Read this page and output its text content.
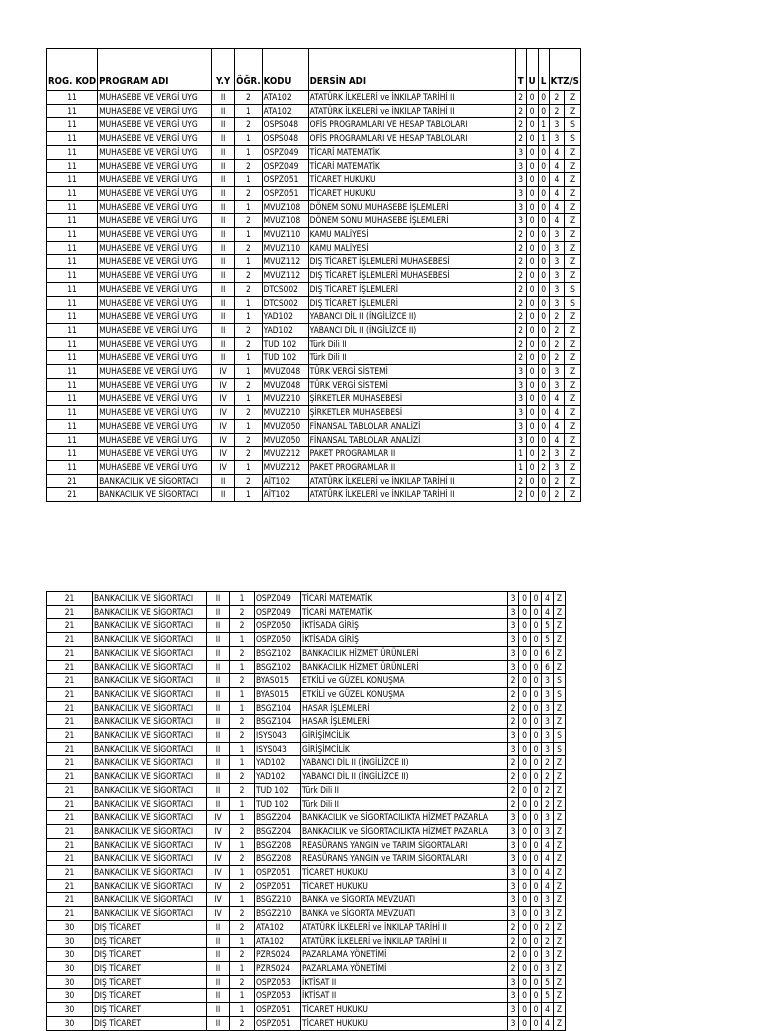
ROG. KOD	PROGRAM ADI	Y.Y	ÖĞR.	KODU	DERSİN ADI	T	U	L	KTZ/S	
11	MUHASEBE VE VERGİ UYG	II	2	ATA102	ATATÜRK İLKELERİ ve İNKILAP TARİHİ II	2	0	0	2	Z
11	MUHASEBE VE VERGİ UYG	II	1	ATA102	ATATÜRK İLKELERİ ve İNKILAP TARİHİ II	2	0	0	2	Z
11	MUHASEBE VE VERGİ UYG	II	2	OSPS048	OFİS PROGRAMLARI VE HESAP TABLOLARI	2	0	1	3	S
11	MUHASEBE VE VERGİ UYG	II	1	OSPS048	OFİS PROGRAMLARI VE HESAP TABLOLARI	2	0	1	3	S
11	MUHASEBE VE VERGİ UYG	II	1	OSPZ049	TİCARİ MATEMATİK	3	0	0	4	Z
11	MUHASEBE VE VERGİ UYG	II	2	OSPZ049	TİCARİ MATEMATİK	3	0	0	4	Z
11	MUHASEBE VE VERGİ UYG	II	1	OSPZ051	TİCARET HUKUKU	3	0	0	4	Z
11	MUHASEBE VE VERGİ UYG	II	2	OSPZ051	TİCARET HUKUKU	3	0	0	4	Z
11	MUHASEBE VE VERGİ UYG	II	1	MVUZ108	DÖNEM SONU MUHASEBE İŞLEMLERİ	3	0	0	4	Z
11	MUHASEBE VE VERGİ UYG	II	2	MVUZ108	DÖNEM SONU MUHASEBE İŞLEMLERİ	3	0	0	4	Z
11	MUHASEBE VE VERGİ UYG	II	1	MVUZ110	KAMU MALİYESİ	2	0	0	3	Z
11	MUHASEBE VE VERGİ UYG	II	2	MVUZ110	KAMU MALİYESİ	2	0	0	3	Z
11	MUHASEBE VE VERGİ UYG	II	1	MVUZ112	DIŞ TİCARET İŞLEMLERİ MUHASEBESİ	2	0	0	3	Z
11	MUHASEBE VE VERGİ UYG	II	2	MVUZ112	DIŞ TİCARET İŞLEMLERİ MUHASEBESİ	2	0	0	3	Z
11	MUHASEBE VE VERGİ UYG	II	2	DTCS002	DIŞ TİCARET İŞLEMLERİ	2	0	0	3	S
11	MUHASEBE VE VERGİ UYG	II	1	DTCS002	DIŞ TİCARET İŞLEMLERİ	2	0	0	3	S
11	MUHASEBE VE VERGİ UYG	II	1	YAD102	YABANCI DİL II (İNGİLİZCE II)	2	0	0	2	Z
11	MUHASEBE VE VERGİ UYG	II	2	YAD102	YABANCI DİL II (İNGİLİZCE II)	2	0	0	2	Z
11	MUHASEBE VE VERGİ UYG	II	2	TUD 102	Türk Dili II	2	0	0	2	Z
11	MUHASEBE VE VERGİ UYG	II	1	TUD 102	Türk Dili II	2	0	0	2	Z
11	MUHASEBE VE VERGİ UYG	IV	1	MVUZ048	TÜRK VERGİ SİSTEMİ	3	0	0	3	Z
11	MUHASEBE VE VERGİ UYG	IV	2	MVUZ048	TÜRK VERGİ SİSTEMİ	3	0	0	3	Z
11	MUHASEBE VE VERGİ UYG	IV	1	MVUZ210	ŞİRKETLER MUHASEBESİ	3	0	0	4	Z
11	MUHASEBE VE VERGİ UYG	IV	2	MVUZ210	ŞİRKETLER MUHASEBESİ	3	0	0	4	Z
11	MUHASEBE VE VERGİ UYG	IV	1	MVUZ050	FİNANSAL TABLOLAR ANALİZİ	3	0	0	4	Z
11	MUHASEBE VE VERGİ UYG	IV	2	MVUZ050	FİNANSAL TABLOLAR ANALİZİ	3	0	0	4	Z
11	MUHASEBE VE VERGİ UYG	IV	2	MVUZ212	PAKET PROGRAMLAR II	1	0	2	3	Z
11	MUHASEBE VE VERGİ UYG	IV	1	MVUZ212	PAKET PROGRAMLAR II	1	0	2	3	Z
21	BANKACILIK VE SİGORTACI	II	2	AİT102	ATATÜRK İLKELERİ ve İNKILAP TARİHİ II	2	0	0	2	Z
21	BANKACILIK VE SİGORTACI	II	1	AİT102	ATATÜRK İLKELERİ ve İNKILAP TARİHİ II	2	0	0	2	Z
21	BANKACILIK VE SİGORTACI	II	1	OSPZ049	TİCARİ MATEMATİK	3	0	0	4	Z
21	BANKACILIK VE SİGORTACI	II	2	OSPZ049	TİCARİ MATEMATİK	3	0	0	4	Z
21	BANKACILIK VE SİGORTACI	II	2	OSPZ050	İKTİSADA GİRİŞ	3	0	0	5	Z
21	BANKACILIK VE SİGORTACI	II	1	OSPZ050	İKTİSADA GİRİŞ	3	0	0	5	Z
21	BANKACILIK VE SİGORTACI	II	2	BSGZ102	BANKACILIK HİZMET ÜRÜNLERİ	3	0	0	6	Z
21	BANKACILIK VE SİGORTACI	II	1	BSGZ102	BANKACILIK HİZMET ÜRÜNLERİ	3	0	0	6	Z
21	BANKACILIK VE SİGORTACI	II	2	BYAS015	ETKİLİ ve GÜZEL KONUŞMA	2	0	0	3	S
21	BANKACILIK VE SİGORTACI	II	1	BYAS015	ETKİLİ ve GÜZEL KONUŞMA	2	0	0	3	S
21	BANKACILIK VE SİGORTACI	II	1	BSGZ104	HASAR İŞLEMLERİ	2	0	0	3	Z
21	BANKACILIK VE SİGORTACI	II	2	BSGZ104	HASAR İŞLEMLERİ	2	0	0	3	Z
21	BANKACILIK VE SİGORTACI	II	2	ISYS043	GİRİŞİMCİLİK	3	0	0	3	S
21	BANKACILIK VE SİGORTACI	II	1	ISYS043	GİRİŞİMCİLİK	3	0	0	3	S
21	BANKACILIK VE SİGORTACI	II	1	YAD102	YABANCI DİL II (İNGİLİZCE II)	2	0	0	2	Z
21	BANKACILIK VE SİGORTACI	II	2	YAD102	YABANCI DİL II (İNGİLİZCE II)	2	0	0	2	Z
21	BANKACILIK VE SİGORTACI	II	2	TUD 102	Türk Dili II	2	0	0	2	Z
21	BANKACILIK VE SİGORTACI	II	1	TUD 102	Türk Dili II	2	0	0	2	Z
21	BANKACILIK VE SİGORTACI	IV	1	BSGZ204	BANKACILIK ve SİGORTACILIKTA HİZMET PAZARLA	3	0	0	3	Z
21	BANKACILIK VE SİGORTACI	IV	2	BSGZ204	BANKACILIK ve SİGORTACILIKTA HİZMET PAZARLA	3	0	0	3	Z
21	BANKACILIK VE SİGORTACI	IV	1	BSGZ208	REASÜRANS YANGIN ve TARIM SİGORTALARI	3	0	0	4	Z
21	BANKACILIK VE SİGORTACI	IV	2	BSGZ208	REASÜRANS YANGIN ve TARIM SİGORTALARI	3	0	0	4	Z
21	BANKACILIK VE SİGORTACI	IV	1	OSPZ051	TİCARET HUKUKU	3	0	0	4	Z
21	BANKACILIK VE SİGORTACI	IV	2	OSPZ051	TİCARET HUKUKU	3	0	0	4	Z
21	BANKACILIK VE SİGORTACI	IV	1	BSGZ210	BANKA ve SİGORTA MEVZUATI	3	0	0	3	Z
21	BANKACILIK VE SİGORTACI	IV	2	BSGZ210	BANKA ve SİGORTA MEVZUATI	3	0	0	3	Z
30	DIŞ TİCARET	II	2	ATA102	ATATÜRK İLKELERİ ve İNKILAP TARİHİ II	2	0	0	2	Z
30	DIŞ TİCARET	II	1	ATA102	ATATÜRK İLKELERİ ve İNKILAP TARİHİ II	2	0	0	2	Z
30	DIŞ TİCARET	II	2	PZRS024	PAZARLAMA YÖNETİMİ	2	0	0	3	Z
30	DIŞ TİCARET	II	1	PZRS024	PAZARLAMA YÖNETİMİ	2	0	0	3	Z
30	DIŞ TİCARET	II	2	OSPZ053	İKTİSAT II	3	0	0	5	Z
30	DIŞ TİCARET	II	1	OSPZ053	İKTİSAT II	3	0	0	5	Z
30	DIŞ TİCARET	II	1	OSPZ051	TİCARET HUKUKU	3	0	0	4	Z
30	DIŞ TİCARET	II	2	OSPZ051	TİCARET HUKUKU	3	0	0	4	Z
